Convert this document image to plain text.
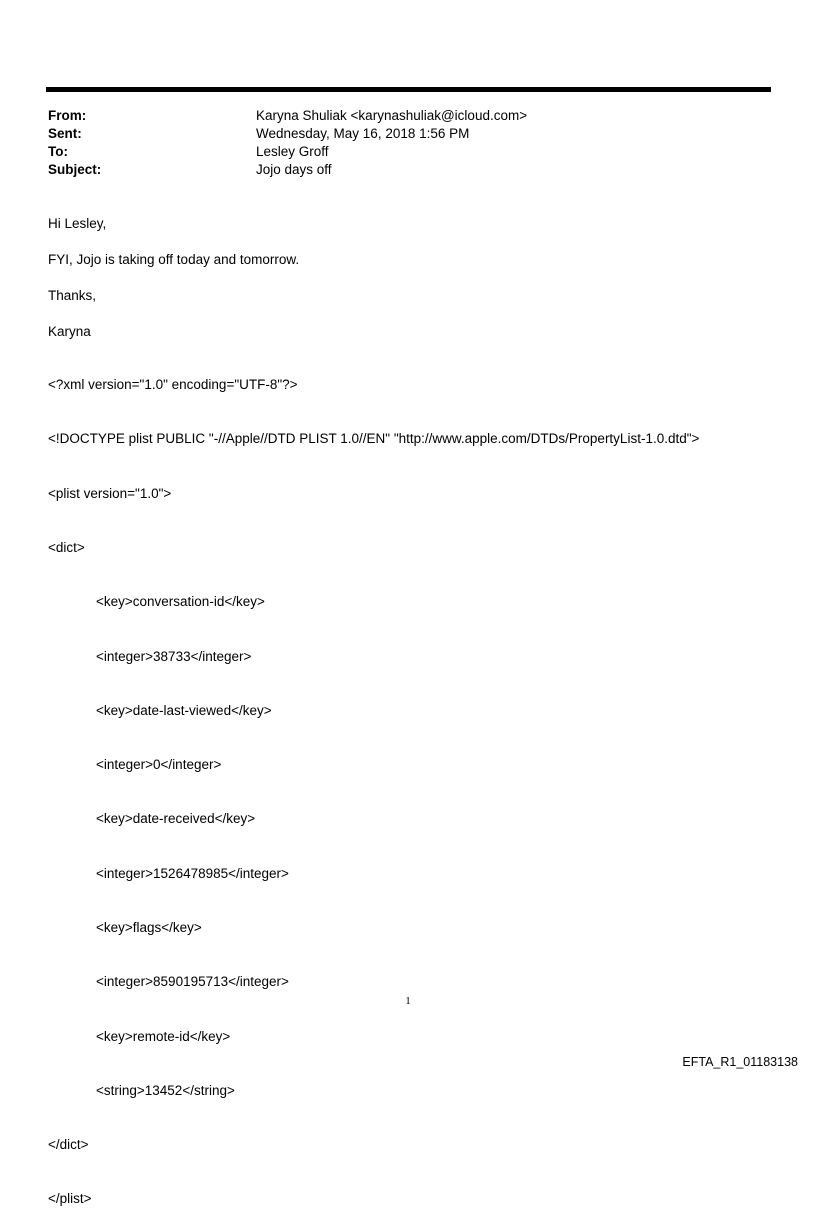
From:	Karyna Shuliak <karynashuliak@icloud.com>
Sent:	Wednesday, May 16, 2018 1:56 PM
To:	Lesley Groff
Subject:	Jojo days off
Hi Lesley,
FYI, Jojo is taking off today and tomorrow.
Thanks,
Karyna

<?xml version="1.0" encoding="UTF-8"?>

<!DOCTYPE plist PUBLIC "-//Apple//DTD PLIST 1.0//EN" "http://www.apple.com/DTDs/PropertyList-1.0.dtd">

<plist version="1.0">

<dict>

<key>conversation-id</key>

<integer>38733</integer>

<key>date-last-viewed</key>

<integer>0</integer>

<key>date-received</key>

<integer>1526478985</integer>

<key>flags</key>

<integer>8590195713</integer>

<key>remote-id</key>

<string>13452</string>

</dict>

</plist>

1
EFTA_R1_01183138
